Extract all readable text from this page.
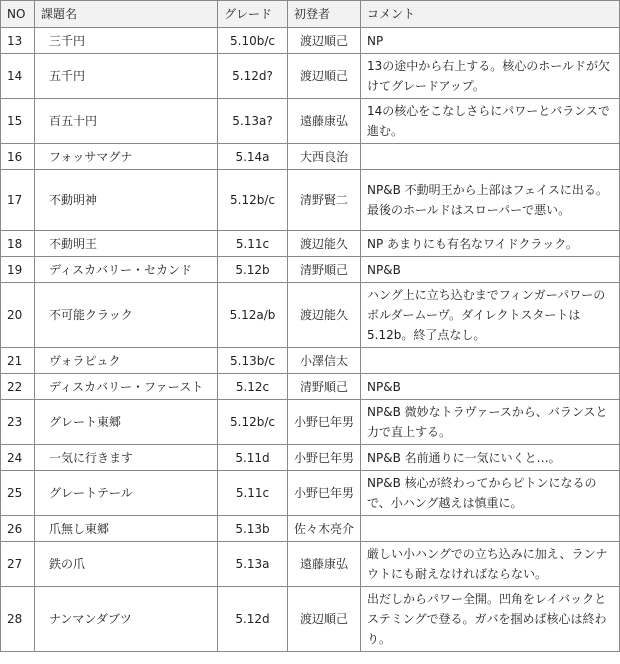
NO	課題名	グレード	初登者	コメント
13	三千円	5.10b/c	渡辺順己	NP
14	五千円	5.12d?	渡辺順己	13の途中から右上する。核心のホールドが欠けてグレードアップ。
15	百五十円	5.13a?	遠藤康弘	14の核心をこなしさらにパワーとバランスで進む。
16	フォッサマグナ	5.14a	大西良治	
17	不動明神	5.12b/c	清野賢二	NP&B 不動明王から上部はフェイスに出る。最後のホールドはスローパーで悪い。
18	不動明王	5.11c	渡辺能久	NP あまりにも有名なワイドクラック。
19	ディスカバリー・セカンド	5.12b	清野順己	NP&B
20	不可能クラック	5.12a/b	渡辺能久	ハング上に立ち込むまでフィンガーパワーのボルダームーヴ。ダイレクトスタートは5.12b。終了点なし。
21	ヴォラピュク	5.13b/c	小澤信太	
22	ディスカバリー・ファースト	5.12c	清野順己	NP&B
23	グレート東郷	5.12b/c	小野巳年男	NP&B 微妙なトラヴァースから、バランスと力で直上する。
24	一気に行きます	5.11d	小野巳年男	NP&B 名前通りに一気にいくと…。
25	グレートテール	5.11c	小野巳年男	NP&B 核心が終わってからピトンになるので、小ハング越えは慎重に。
26	爪無し東郷	5.13b	佐々木亮介	
27	鉄の爪	5.13a	遠藤康弘	厳しい小ハングでの立ち込みに加え、ランナウトにも耐えなければならない。
28	ナンマンダブツ	5.12d	渡辺順己	出だしからパワー全開。凹角をレイバックとステミングで登る。ガバを掴めば核心は終わり。
